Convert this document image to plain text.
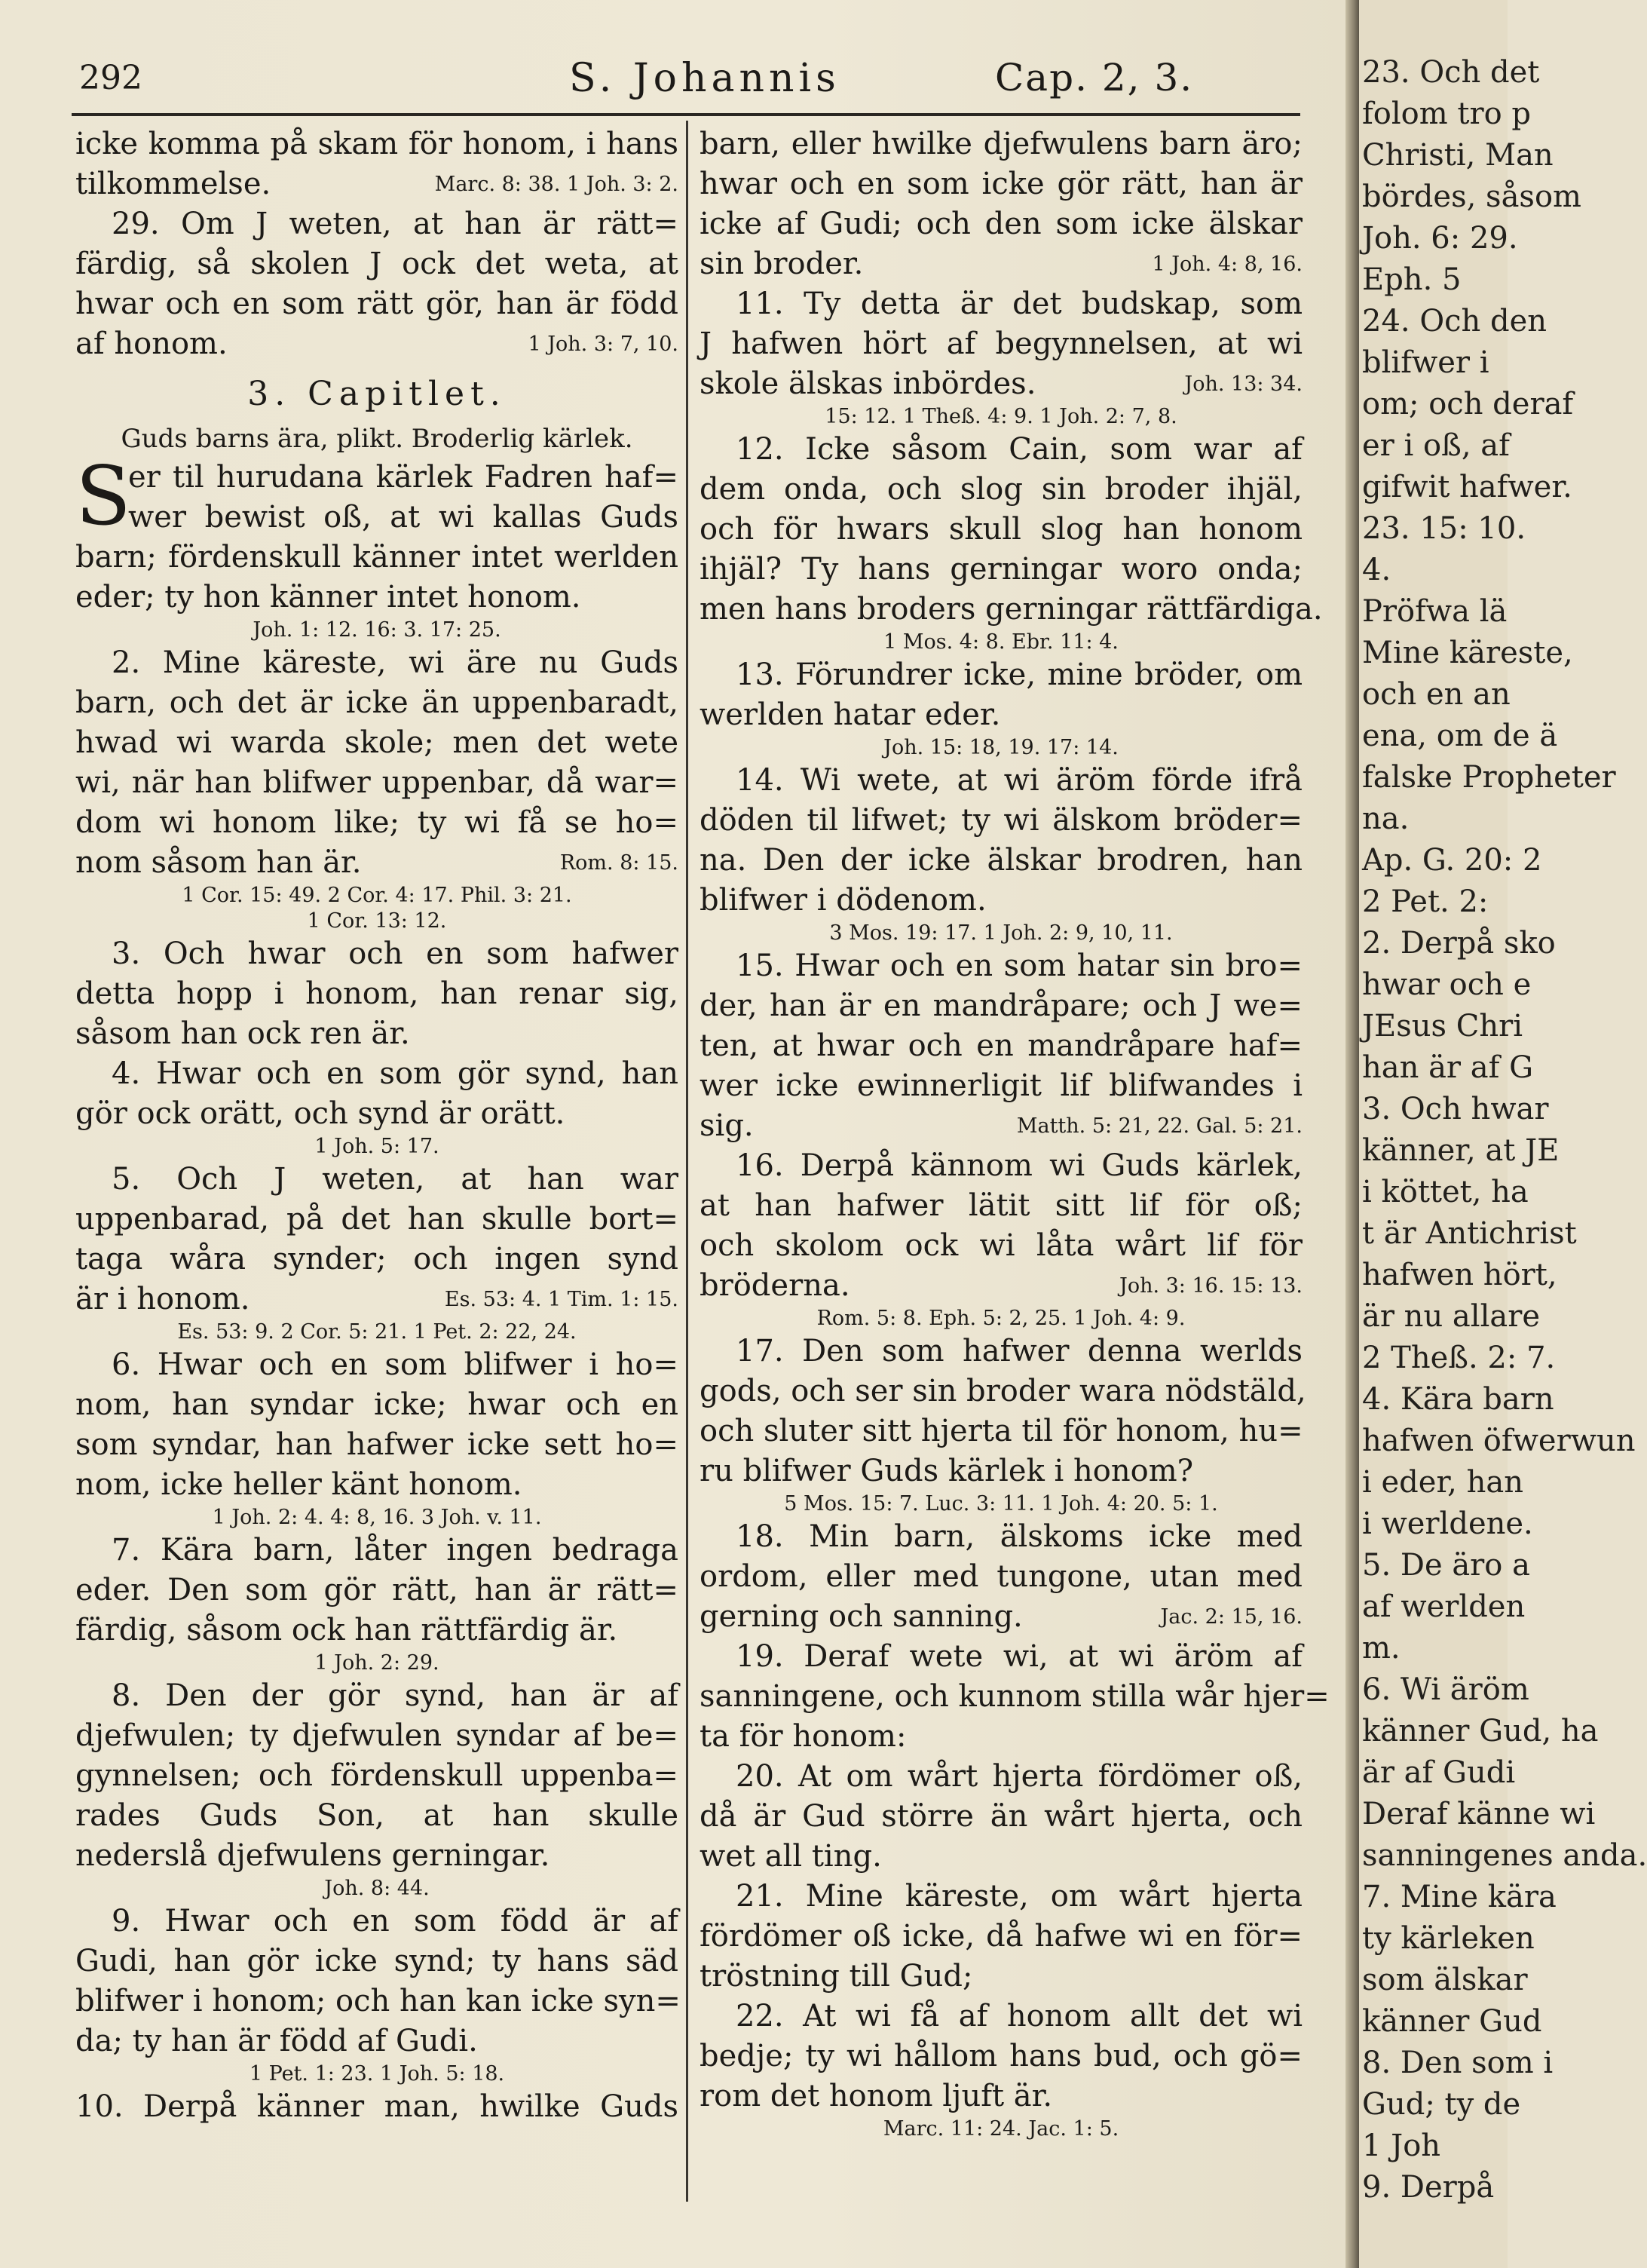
23. Och det
folom tro p
Christi, Man
bördes, såsom
Joh. 6: 29.
Eph. 5
24. Och den
blifwer i
om; och deraf
er i oß, af
gifwit hafwer.
23. 15: 10.
4.
Pröfwa lä
Mine käreste,
och en an
ena, om de ä
falske Propheter
na.
Ap. G. 20: 2
2 Pet. 2:
2. Derpå sko
hwar och e
JEsus Chri
han är af G
3. Och hwar
känner, at JE
i köttet, ha
t är Antichrist
hafwen hört,
är nu allare
2 Theß. 2: 7.
4. Kära barn
hafwen öfwerwun
i eder, han
i werldene.
5. De äro a
af werlden
m.
6. Wi äröm
känner Gud, ha
är af Gudi
Deraf känne wi
sanningenes anda.
7. Mine kära
ty kärleken
som älskar
känner Gud
8. Den som i
Gud; ty de
1 Joh
9. Derpå
292	S. Johannis	Cap. 2, 3.
icke komma på skam för honom, i hans
tilkommelse.	Marc. 8: 38. 1 Joh. 3: 2.
29. Om J weten, at han är rätt=
färdig, så skolen J ock det weta, at
hwar och en som rätt gör, han är född
af honom.	1 Joh. 3: 7, 10.
3. Capitlet.
Guds barns ära, plikt. Broderlig kärlek.
S
er til hurudana kärlek Fadren haf=
wer bewist oß, at wi kallas Guds
barn; fördenskull känner intet werlden
eder; ty hon känner intet honom.
Joh. 1: 12. 16: 3. 17: 25.
2. Mine käreste, wi äre nu Guds
barn, och det är icke än uppenbaradt,
hwad wi warda skole; men det wete
wi, när han blifwer uppenbar, då war=
dom wi honom like; ty wi få se ho=
nom såsom han är.	Rom. 8: 15.
1 Cor. 15: 49. 2 Cor. 4: 17. Phil. 3: 21.
1 Cor. 13: 12.
3. Och hwar och en som hafwer
detta hopp i honom, han renar sig,
såsom han ock ren är.
4. Hwar och en som gör synd, han
gör ock orätt, och synd är orätt.
1 Joh. 5: 17.
5. Och J weten, at han war
uppenbarad, på det han skulle bort=
taga wåra synder; och ingen synd
är i honom.	Es. 53: 4. 1 Tim. 1: 15.
Es. 53: 9. 2 Cor. 5: 21. 1 Pet. 2: 22, 24.
6. Hwar och en som blifwer i ho=
nom, han syndar icke; hwar och en
som syndar, han hafwer icke sett ho=
nom, icke heller känt honom.
1 Joh. 2: 4. 4: 8, 16. 3 Joh. v. 11.
7. Kära barn, låter ingen bedraga
eder. Den som gör rätt, han är rätt=
färdig, såsom ock han rättfärdig är.
1 Joh. 2: 29.
8. Den der gör synd, han är af
djefwulen; ty djefwulen syndar af be=
gynnelsen; och fördenskull uppenba=
rades Guds Son, at han skulle
nederslå djefwulens gerningar.
Joh. 8: 44.
9. Hwar och en som född är af
Gudi, han gör icke synd; ty hans säd
blifwer i honom; och han kan icke syn=
da; ty han är född af Gudi.
1 Pet. 1: 23. 1 Joh. 5: 18.
10. Derpå känner man, hwilke Guds
barn, eller hwilke djefwulens barn äro;
hwar och en som icke gör rätt, han är
icke af Gudi; och den som icke älskar
sin broder.	1 Joh. 4: 8, 16.
11. Ty detta är det budskap, som
J hafwen hört af begynnelsen, at wi
skole älskas inbördes.	Joh. 13: 34.
15: 12. 1 Theß. 4: 9. 1 Joh. 2: 7, 8.
12. Icke såsom Cain, som war af
dem onda, och slog sin broder ihjäl,
och för hwars skull slog han honom
ihjäl? Ty hans gerningar woro onda;
men hans broders gerningar rättfärdiga.
1 Mos. 4: 8. Ebr. 11: 4.
13. Förundrer icke, mine bröder, om
werlden hatar eder.
Joh. 15: 18, 19. 17: 14.
14. Wi wete, at wi äröm förde ifrå
döden til lifwet; ty wi älskom bröder=
na. Den der icke älskar brodren, han
blifwer i dödenom.
3 Mos. 19: 17. 1 Joh. 2: 9, 10, 11.
15. Hwar och en som hatar sin bro=
der, han är en mandråpare; och J we=
ten, at hwar och en mandråpare haf=
wer icke ewinnerligit lif blifwandes i
sig.	Matth. 5: 21, 22. Gal. 5: 21.
16. Derpå kännom wi Guds kärlek,
at han hafwer lätit sitt lif för oß;
och skolom ock wi låta wårt lif för
bröderna.	Joh. 3: 16. 15: 13.
Rom. 5: 8. Eph. 5: 2, 25. 1 Joh. 4: 9.
17. Den som hafwer denna werlds
gods, och ser sin broder wara nödstäld,
och sluter sitt hjerta til för honom, hu=
ru blifwer Guds kärlek i honom?
5 Mos. 15: 7. Luc. 3: 11. 1 Joh. 4: 20. 5: 1.
18. Min barn, älskoms icke med
ordom, eller med tungone, utan med
gerning och sanning.	Jac. 2: 15, 16.
19. Deraf wete wi, at wi äröm af
sanningene, och kunnom stilla wår hjer=
ta för honom:
20. At om wårt hjerta fördömer oß,
då är Gud större än wårt hjerta, och
wet all ting.
21. Mine käreste, om wårt hjerta
fördömer oß icke, då hafwe wi en för=
tröstning till Gud;
22. At wi få af honom allt det wi
bedje; ty wi hållom hans bud, och gö=
rom det honom ljuft är.
Marc. 11: 24. Jac. 1: 5.
